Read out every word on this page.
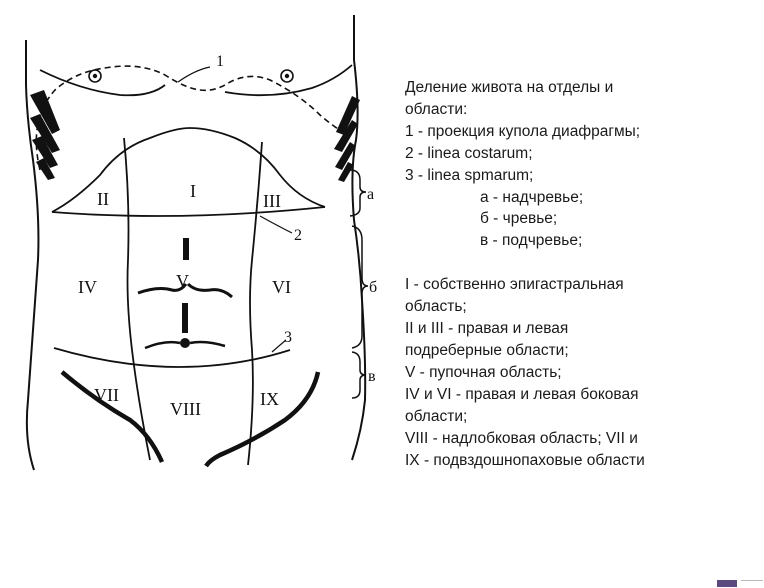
1
2
3
а
б
в
I
II	III
IV	V	VI
VII
VIII	IX
Деление живота на отделы и
области:
1 - проекция купола диафрагмы;
2 - linea costarum;
3 - linea spmarum;
а - надчревье;
б - чревье;
в - подчревье;
I - собственно эпигастральная
область;
II и III - правая и левая
подреберные области;
V - пупочная область;
IV и VI - правая и левая боковая
области;
VIII - надлобковая область; VII и
IX - подвздошнопаховые области
